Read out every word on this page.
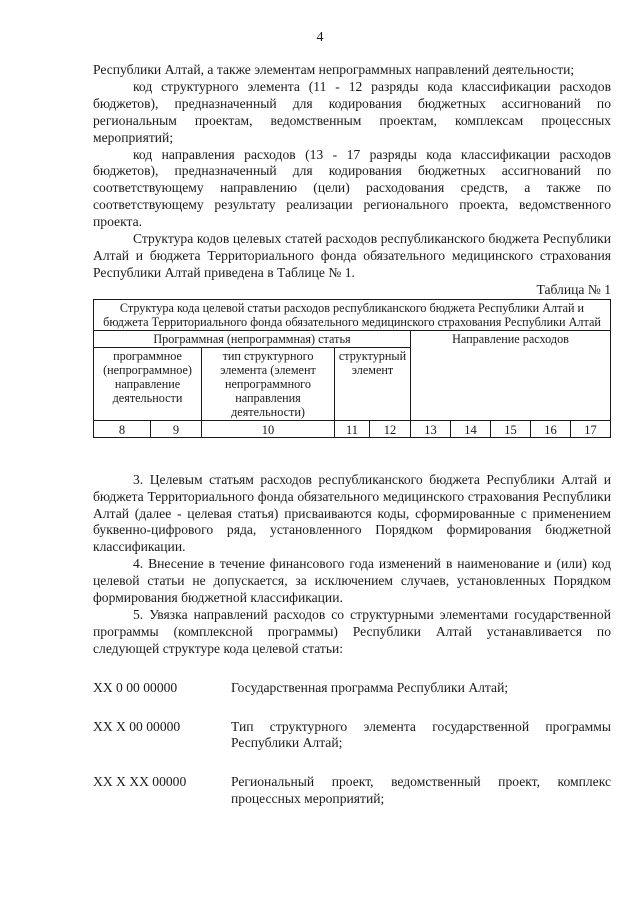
4

Республики Алтай, а также элементам непрограммных направлений деятельности;

код структурного элемента (11 - 12 разряды кода классификации расходов бюджетов), предназначенный для кодирования бюджетных ассигнований по региональным проектам, ведомственным проектам, комплексам процессных мероприятий;

код направления расходов (13 - 17 разряды кода классификации расходов бюджетов), предназначенный для кодирования бюджетных ассигнований по соответствующему направлению (цели) расходования средств, а также по соответствующему результату реализации регионального проекта, ведомственного проекта.

Структура кодов целевых статей расходов республиканского бюджета Республики Алтай и бюджета Территориального фонда обязательного медицинского страхования Республики Алтай приведена в Таблице № 1.

Таблица № 1

Структура кода целевой статьи расходов республиканского бюджета Республики Алтай и бюджета Территориального фонда обязательного медицинского страхования Республики Алтай									
Программная (непрограммная) статья					Направление расходов				
программное (непрограммное) направление деятельности		тип структурного элемента (элемент непрограммного направления деятельности)	структурный элемент						
8	9	10	11	12	13	14	15	16	17

3. Целевым статьям расходов республиканского бюджета Республики Алтай и бюджета Территориального фонда обязательного медицинского страхования Республики Алтай (далее - целевая статья) присваиваются коды, сформированные с применением буквенно-цифрового ряда, установленного Порядком формирования бюджетной классификации.

4. Внесение в течение финансового года изменений в наименование и (или) код целевой статьи не допускается, за исключением случаев, установленных Порядком формирования бюджетной классификации.

5. Увязка направлений расходов со структурными элементами государственной программы (комплексной программы) Республики Алтай устанавливается по следующей структуре кода целевой статьи:

XX 0 00 00000	Государственная программа Республики Алтай;
XX X 00 00000	Тип структурного элемента государственной программы Республики Алтай;
XX X XX 00000	Региональный проект, ведомственный проект, комплекс процессных мероприятий;
